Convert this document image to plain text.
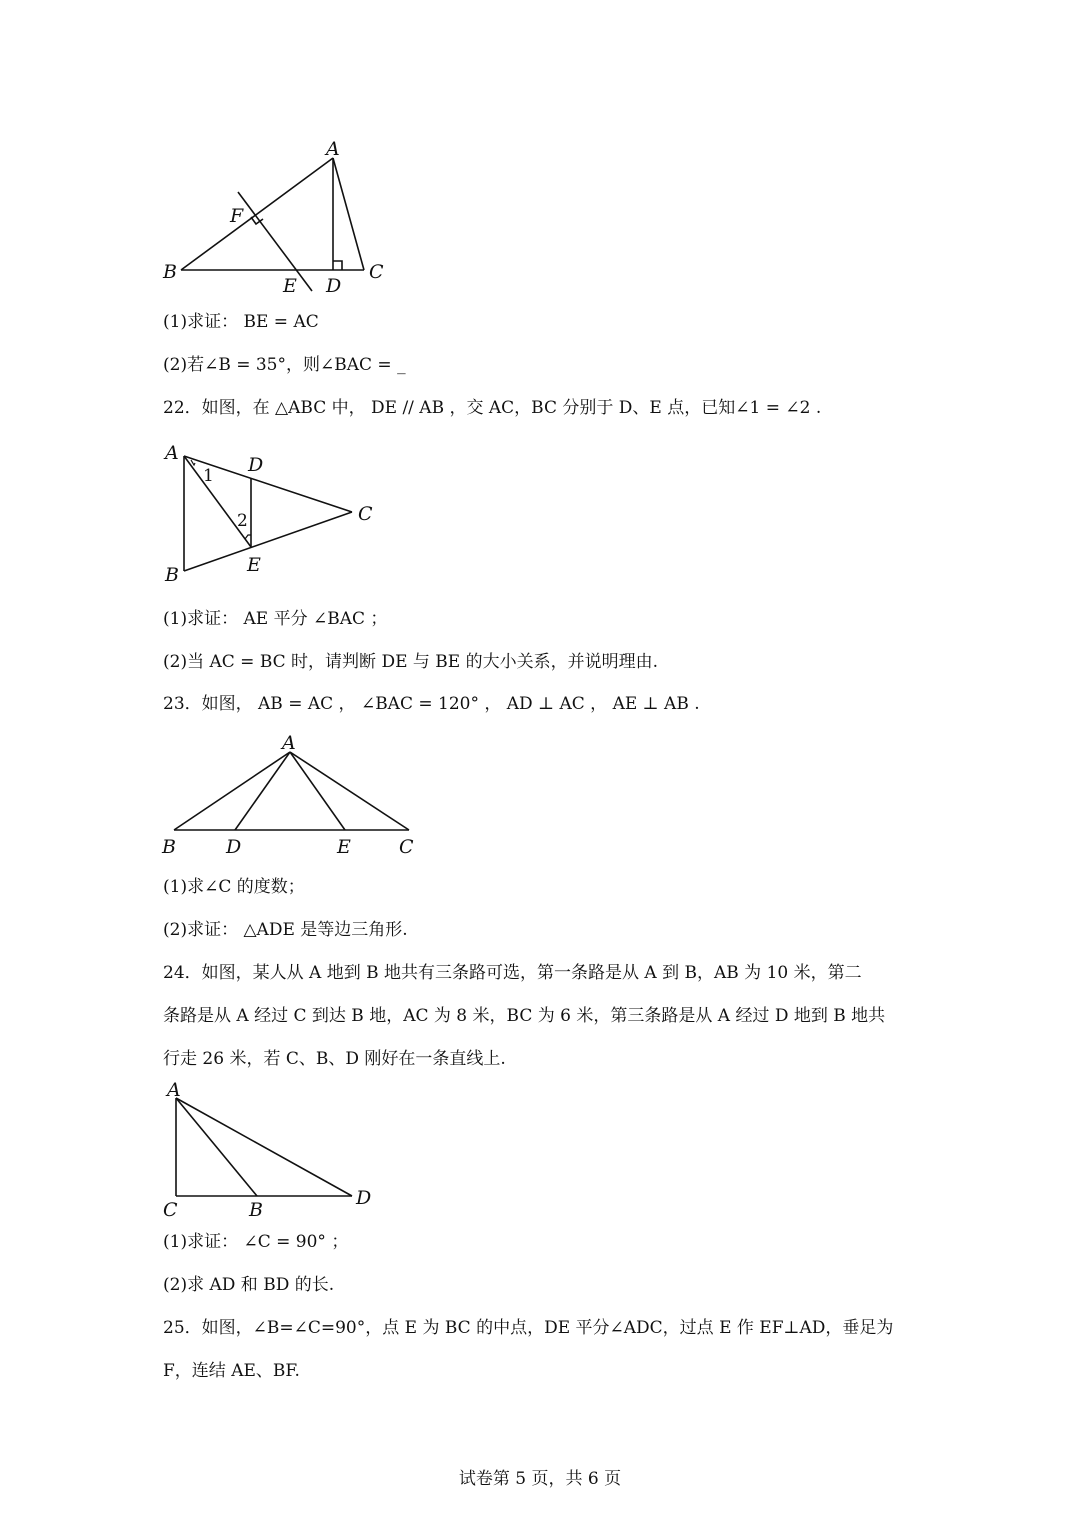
A
F
B	C
E D
(1)求证： BE = AC
(2)若∠B = 35°，则∠BAC = _
22．如图，在 △ABC 中， DE // AB ，交 AC，BC 分别于 D、E 点，已知∠1 = ∠2 .
A
D
C
B	E
1
2
(1)求证： AE 平分 ∠BAC ；
(2)当 AC = BC 时，请判断 DE 与 BE 的大小关系，并说明理由.
23．如图， AB = AC ， ∠BAC = 120° ， AD ⊥ AC ， AE ⊥ AB .
A
B	D	E	C
(1)求∠C 的度数；
(2)求证： △ADE 是等边三角形.
24．如图，某人从 A 地到 B 地共有三条路可选，第一条路是从 A 到 B，AB 为 10 米，第二
条路是从 A 经过 C 到达 B 地，AC 为 8 米，BC 为 6 米，第三条路是从 A 经过 D 地到 B 地共
行走 26 米，若 C、B、D 刚好在一条直线上.
A
C	B
D
(1)求证： ∠C = 90° ；
(2)求 AD 和 BD 的长.
25．如图，∠B=∠C=90°，点 E 为 BC 的中点，DE 平分∠ADC，过点 E 作 EF⊥AD，垂足为
F，连结 AE、BF.
试卷第 5 页，共 6 页
